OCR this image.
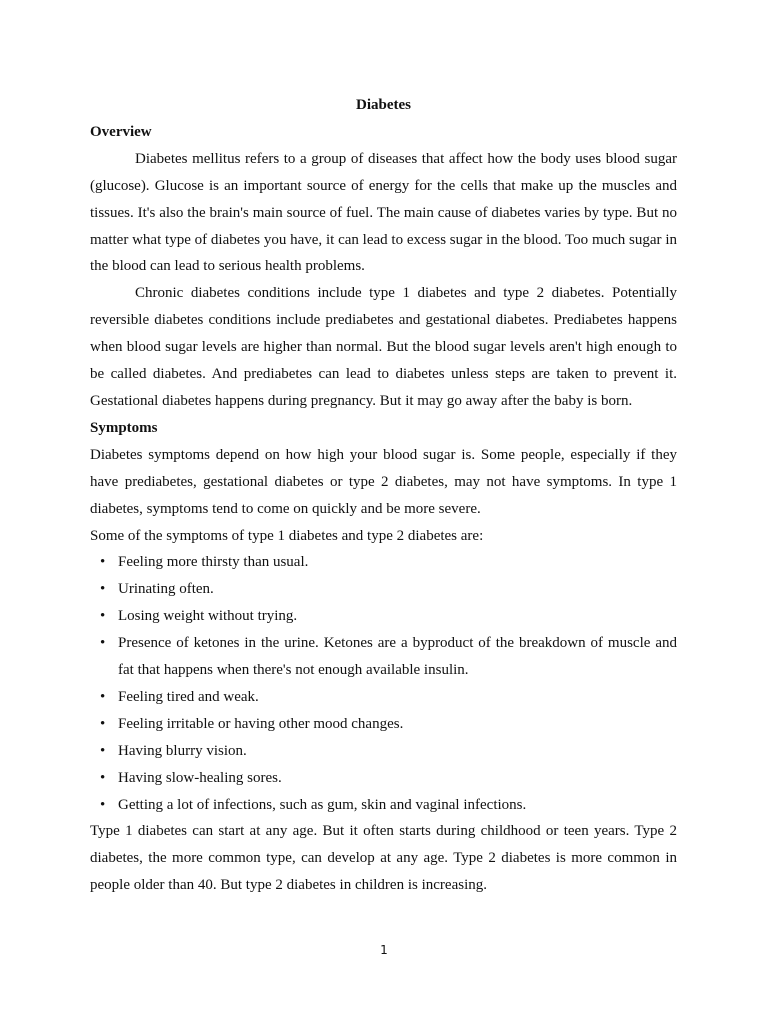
Diabetes
Overview

Diabetes mellitus refers to a group of diseases that affect how the body uses blood sugar (glucose). Glucose is an important source of energy for the cells that make up the muscles and tissues. It's also the brain's main source of fuel. The main cause of diabetes varies by type. But no matter what type of diabetes you have, it can lead to excess sugar in the blood. Too much sugar in the blood can lead to serious health problems.

Chronic diabetes conditions include type 1 diabetes and type 2 diabetes. Potentially reversible diabetes conditions include prediabetes and gestational diabetes. Prediabetes happens when blood sugar levels are higher than normal. But the blood sugar levels aren't high enough to be called diabetes. And prediabetes can lead to diabetes unless steps are taken to prevent it. Gestational diabetes happens during pregnancy. But it may go away after the baby is born.

Symptoms

Diabetes symptoms depend on how high your blood sugar is. Some people, especially if they have prediabetes, gestational diabetes or type 2 diabetes, may not have symptoms. In type 1 diabetes, symptoms tend to come on quickly and be more severe.

Some of the symptoms of type 1 diabetes and type 2 diabetes are:

• Feeling more thirsty than usual.
• Urinating often.
• Losing weight without trying.
• Presence of ketones in the urine. Ketones are a byproduct of the breakdown of muscle and fat that happens when there's not enough available insulin.
• Feeling tired and weak.
• Feeling irritable or having other mood changes.
• Having blurry vision.
• Having slow-healing sores.
• Getting a lot of infections, such as gum, skin and vaginal infections.

Type 1 diabetes can start at any age. But it often starts during childhood or teen years. Type 2 diabetes, the more common type, can develop at any age. Type 2 diabetes is more common in people older than 40. But type 2 diabetes in children is increasing.

1
